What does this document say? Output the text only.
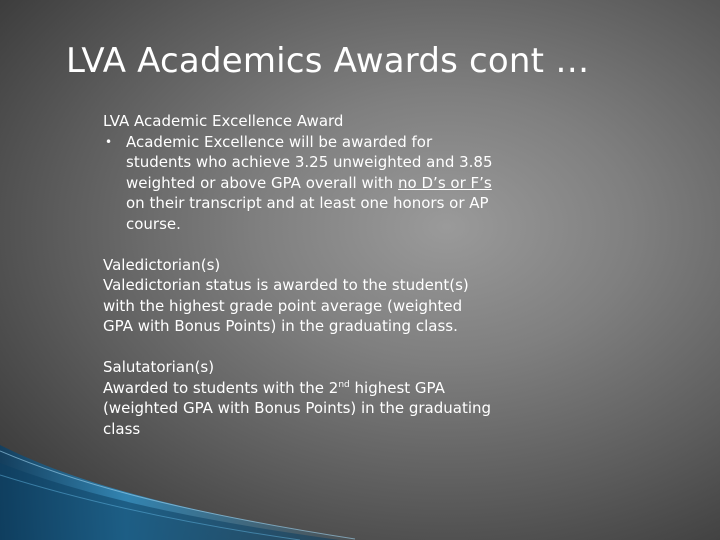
LVA Academics Awards cont …
LVA Academic Excellence Award
• Academic Excellence will be awarded for
students who achieve 3.25 unweighted and 3.85
weighted or above GPA overall with no D’s or F’s
on their transcript and at least one honors or AP
course.
Valedictorian(s)
Valedictorian status is awarded to the student(s)
with the highest grade point average (weighted
GPA with Bonus Points) in the graduating class.
Salutatorian(s)
Awarded to students with the 2nd highest GPA
(weighted GPA with Bonus Points) in the graduating
class
